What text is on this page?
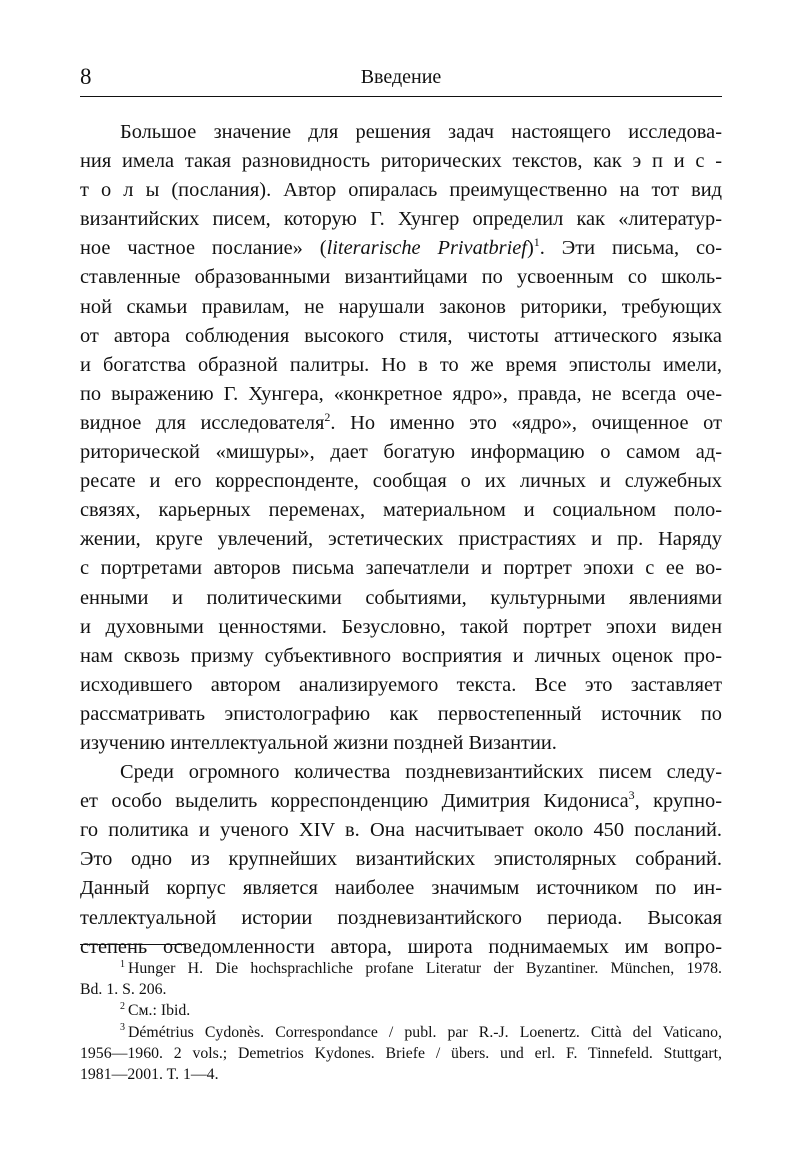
8	Введение
Большое значение для решения задач настоящего исследова-
ния имела такая разновидность риторических текстов, как э п и с -
т о л ы (послания). Автор опиралась преимущественно на тот вид
византийских писем, которую Г. Хунгер определил как «литератур-
ное частное послание» (literarische Privatbrief)$^1$. Эти письма, со-
ставленные образованными византийцами по усвоенным со школь-
ной скамьи правилам, не нарушали законов риторики, требующих
от автора соблюдения высокого стиля, чистоты аттического языка
и богатства образной палитры. Но в то же время эпистолы имели,
по выражению Г. Хунгера, «конкретное ядро», правда, не всегда оче-
видное для исследователя$^2$. Но именно это «ядро», очищенное от
риторической «мишуры», дает богатую информацию о самом ад-
ресате и его корреспонденте, сообщая о их личных и служебных
связях, карьерных переменах, материальном и социальном поло-
жении, круге увлечений, эстетических пристрастиях и пр. Наряду
с портретами авторов письма запечатлели и портрет эпохи с ее во-
енными и политическими событиями, культурными явлениями
и духовными ценностями. Безусловно, такой портрет эпохи виден
нам сквозь призму субъективного восприятия и личных оценок про-
исходившего автором анализируемого текста. Все это заставляет
рассматривать эпистолографию как первостепенный источник по
изучению интеллектуальной жизни поздней Византии.
Среди огромного количества поздневизантийских писем следу-
ет особо выделить корреспонденцию Димитрия Кидониса$^3$, крупно-
го политика и ученого XIV в. Она насчитывает около 450 посланий.
Это одно из крупнейших византийских эпистолярных собраний.
Данный корпус является наиболее значимым источником по ин-
теллектуальной истории поздневизантийского периода. Высокая
степень осведомленности автора, широта поднимаемых им вопро-
$^1$ Hunger H. Die hochsprachliche profane Literatur der Byzantiner. München, 1978.
Bd. 1. S. 206.
$^2$ См.: Ibid.
$^3$ Démétrius Cydonès. Correspondance / publ. par R.-J. Loenertz. Città del Vaticano,
1956—1960. 2 vols.; Demetrios Kydones. Briefe / übers. und erl. F. Tinnefeld. Stuttgart,
1981—2001. T. 1—4.
